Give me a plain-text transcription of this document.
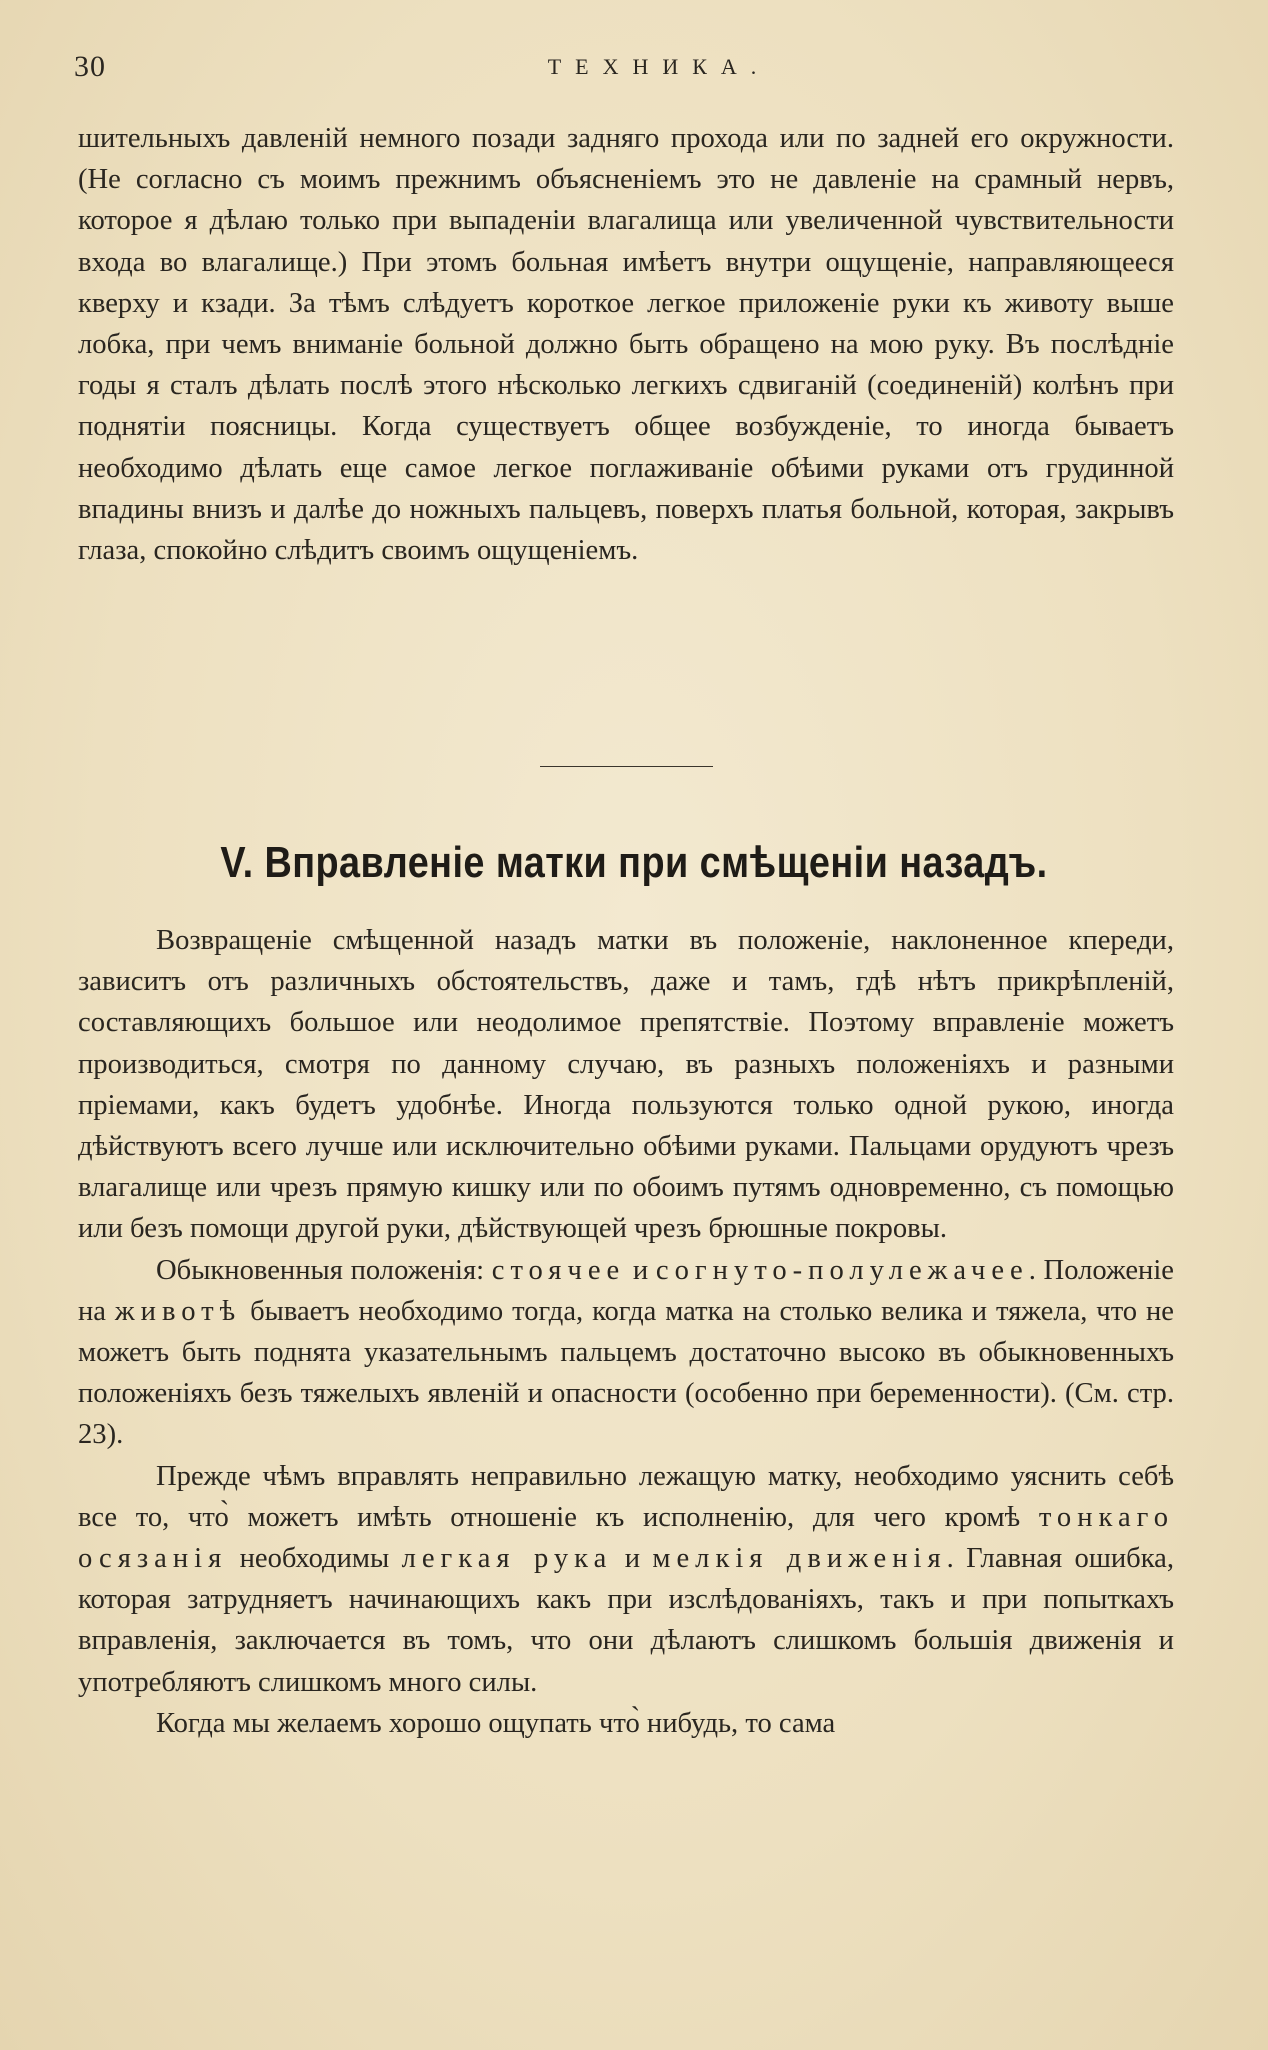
30	ТЕХНИКА.

шительныхъ давленій немного позади задняго прохода или по задней его окружности. (Не согласно съ моимъ прежнимъ объясненіемъ это не давленіе на срамный нервъ, которое я дѣлаю только при выпаденіи влагалища или увеличенной чувствительности входа во влагалище.) При этомъ больная имѣетъ внутри ощущеніе, направляющееся кверху и кзади. За тѣмъ слѣдуетъ короткое легкое приложеніе руки къ животу выше лобка, при чемъ вниманіе больной должно быть обращено на мою руку. Въ послѣдніе годы я сталъ дѣлать послѣ этого нѣсколько легкихъ сдвиганій (соединеній) колѣнъ при поднятіи поясницы. Когда существуетъ общее возбужденіе, то иногда бываетъ необходимо дѣлать еще самое легкое поглаживаніе обѣими руками отъ грудинной впадины внизъ и далѣе до ножныхъ пальцевъ, поверхъ платья больной, которая, закрывъ глаза, спокойно слѣдитъ своимъ ощущеніемъ.

V. Вправленіе матки при смѣщеніи назадъ.

Возвращеніе смѣщенной назадъ матки въ положеніе, наклоненное кпереди, зависитъ отъ различныхъ обстоятельствъ, даже и тамъ, гдѣ нѣтъ прикрѣпленій, составляющихъ большое или неодолимое препятствіе. Поэтому вправленіе можетъ производиться, смотря по данному случаю, въ разныхъ положеніяхъ и разными пріемами, какъ будетъ удобнѣе. Иногда пользуются только одной рукою, иногда дѣйствуютъ всего лучше или исключительно обѣими руками. Пальцами орудуютъ чрезъ влагалище или чрезъ прямую кишку или по обоимъ путямъ одновременно, съ помощью или безъ помощи другой руки, дѣйствующей чрезъ брюшные покровы.

Обыкновенныя положенія: стоячее и согнуто-полулежачее. Положеніе на животѣ бываетъ необходимо тогда, когда матка на столько велика и тяжела, что не можетъ быть поднята указательнымъ пальцемъ достаточно высоко въ обыкновенныхъ положеніяхъ безъ тяжелыхъ явленій и опасности (особенно при беременности). (См. стр. 23).

Прежде чѣмъ вправлять неправильно лежащую матку, необходимо уяснить себѣ все то, что̀ можетъ имѣть отношеніе къ исполненію, для чего кромѣ тонкаго осязанія необходимы легкая рука и мелкія движенія. Главная ошибка, которая затрудняетъ начинающихъ какъ при изслѣдованіяхъ, такъ и при попыткахъ вправленія, заключается въ томъ, что они дѣлаютъ слишкомъ большія движенія и употребляютъ слишкомъ много силы.

Когда мы желаемъ хорошо ощупать что̀ нибудь, то сама
